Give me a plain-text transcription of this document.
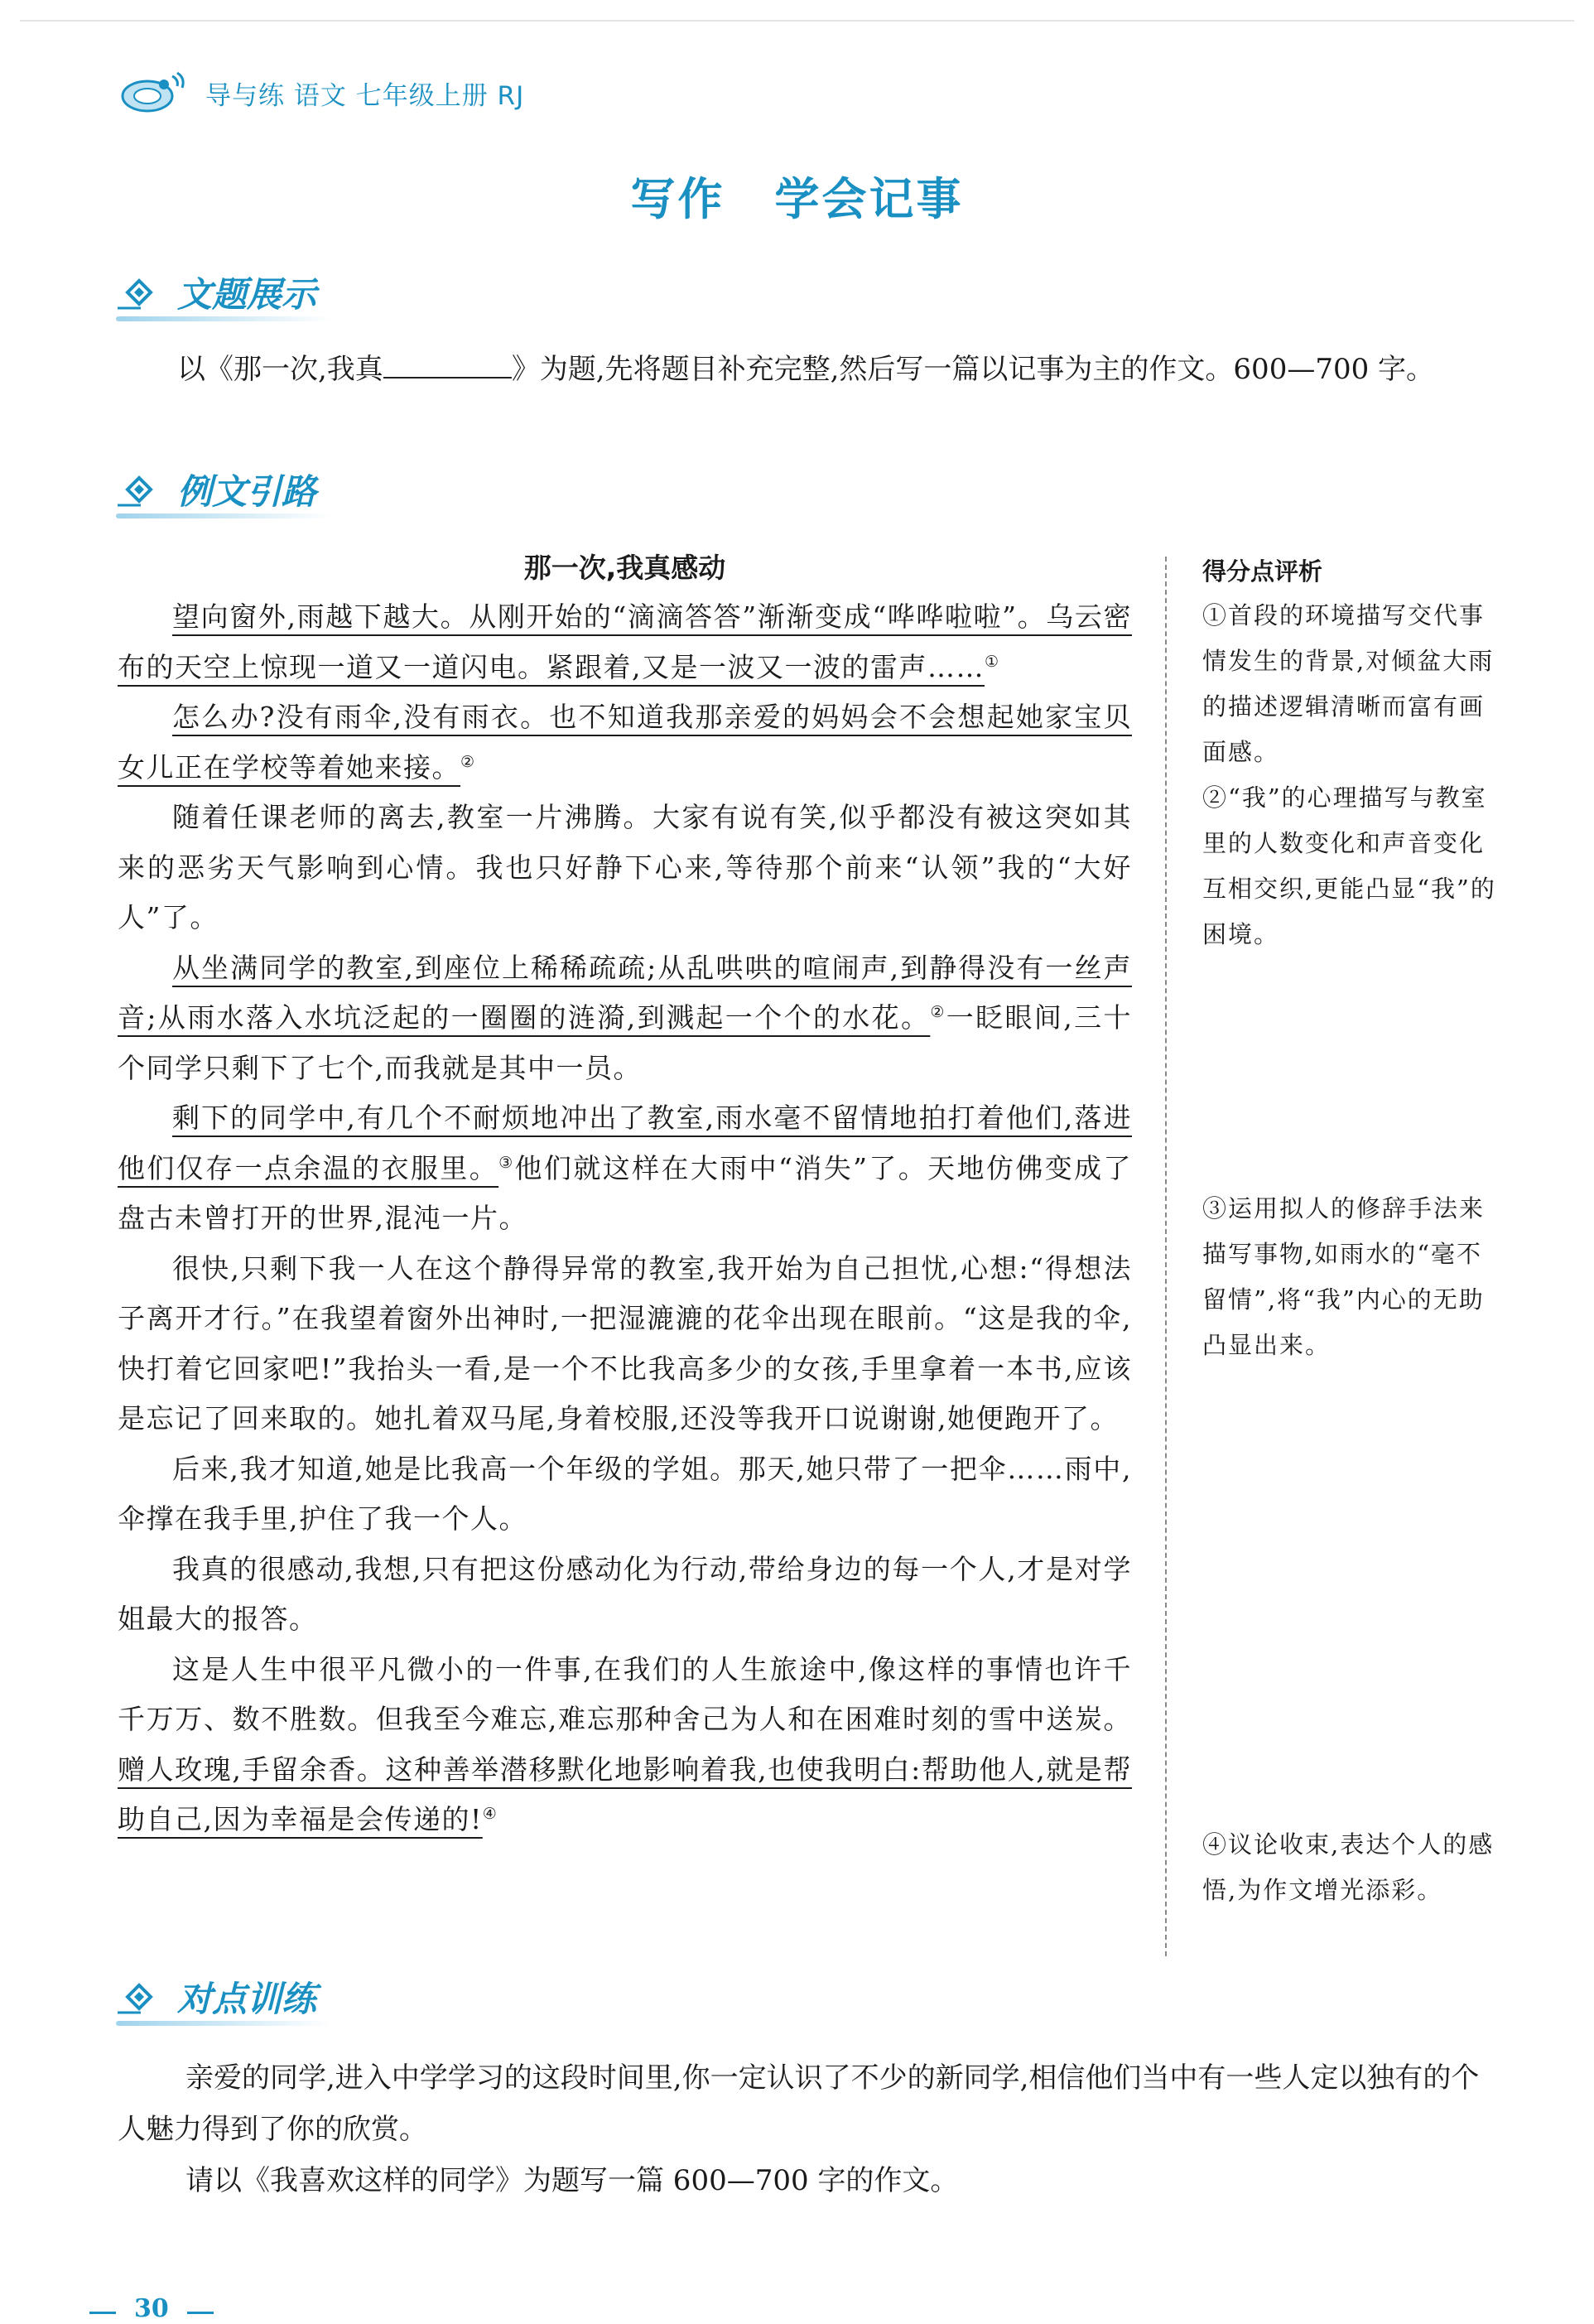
导与练 语文 七年级上册 RJ
写作 学会记事
文题展示
以《那一次,我真	》为题,先将题目补充完整,然后写一篇以记事为主的作文。600—700 字。
例文引路
那一次,我真感动

望向窗外,雨越下越大。从刚开始的“滴滴答答”渐渐变成“哗哗啦啦”。乌云密布的天空上惊现一道又一道闪电。紧跟着,又是一波又一波的雷声……①

怎么办?没有雨伞,没有雨衣。也不知道我那亲爱的妈妈会不会想起她家宝贝女儿正在学校等着她来接。②

随着任课老师的离去,教室一片沸腾。大家有说有笑,似乎都没有被这突如其来的恶劣天气影响到心情。我也只好静下心来,等待那个前来“认领”我的“大好人”了。

从坐满同学的教室,到座位上稀稀疏疏;从乱哄哄的喧闹声,到静得没有一丝声音;从雨水落入水坑泛起的一圈圈的涟漪,到溅起一个个的水花。②一眨眼间,三十个同学只剩下了七个,而我就是其中一员。

剩下的同学中,有几个不耐烦地冲出了教室,雨水毫不留情地拍打着他们,落进他们仅存一点余温的衣服里。③他们就这样在大雨中“消失”了。天地仿佛变成了盘古未曾打开的世界,混沌一片。

很快,只剩下我一人在这个静得异常的教室,我开始为自己担忧,心想:“得想法子离开才行。”在我望着窗外出神时,一把湿漉漉的花伞出现在眼前。“这是我的伞,快打着它回家吧!”我抬头一看,是一个不比我高多少的女孩,手里拿着一本书,应该是忘记了回来取的。她扎着双马尾,身着校服,还没等我开口说谢谢,她便跑开了。

后来,我才知道,她是比我高一个年级的学姐。那天,她只带了一把伞……雨中,伞撑在我手里,护住了我一个人。

我真的很感动,我想,只有把这份感动化为行动,带给身边的每一个人,才是对学姐最大的报答。

这是人生中很平凡微小的一件事,在我们的人生旅途中,像这样的事情也许千千万万、数不胜数。但我至今难忘,难忘那种舍己为人和在困难时刻的雪中送炭。赠人玫瑰,手留余香。这种善举潜移默化地影响着我,也使我明白:帮助他人,就是帮助自己,因为幸福是会传递的!④

得分点评析
①首段的环境描写交代事情发生的背景,对倾盆大雨的描述逻辑清晰而富有画面感。
②“我”的心理描写与教室里的人数变化和声音变化互相交织,更能凸显“我”的困境。
③运用拟人的修辞手法来描写事物,如雨水的“毫不留情”,将“我”内心的无助凸显出来。
④议论收束,表达个人的感悟,为作文增光添彩。
对点训练

亲爱的同学,进入中学学习的这段时间里,你一定认识了不少的新同学,相信他们当中有一些人定以独有的个人魅力得到了你的欣赏。

请以《我喜欢这样的同学》为题写一篇 600—700 字的作文。

30
